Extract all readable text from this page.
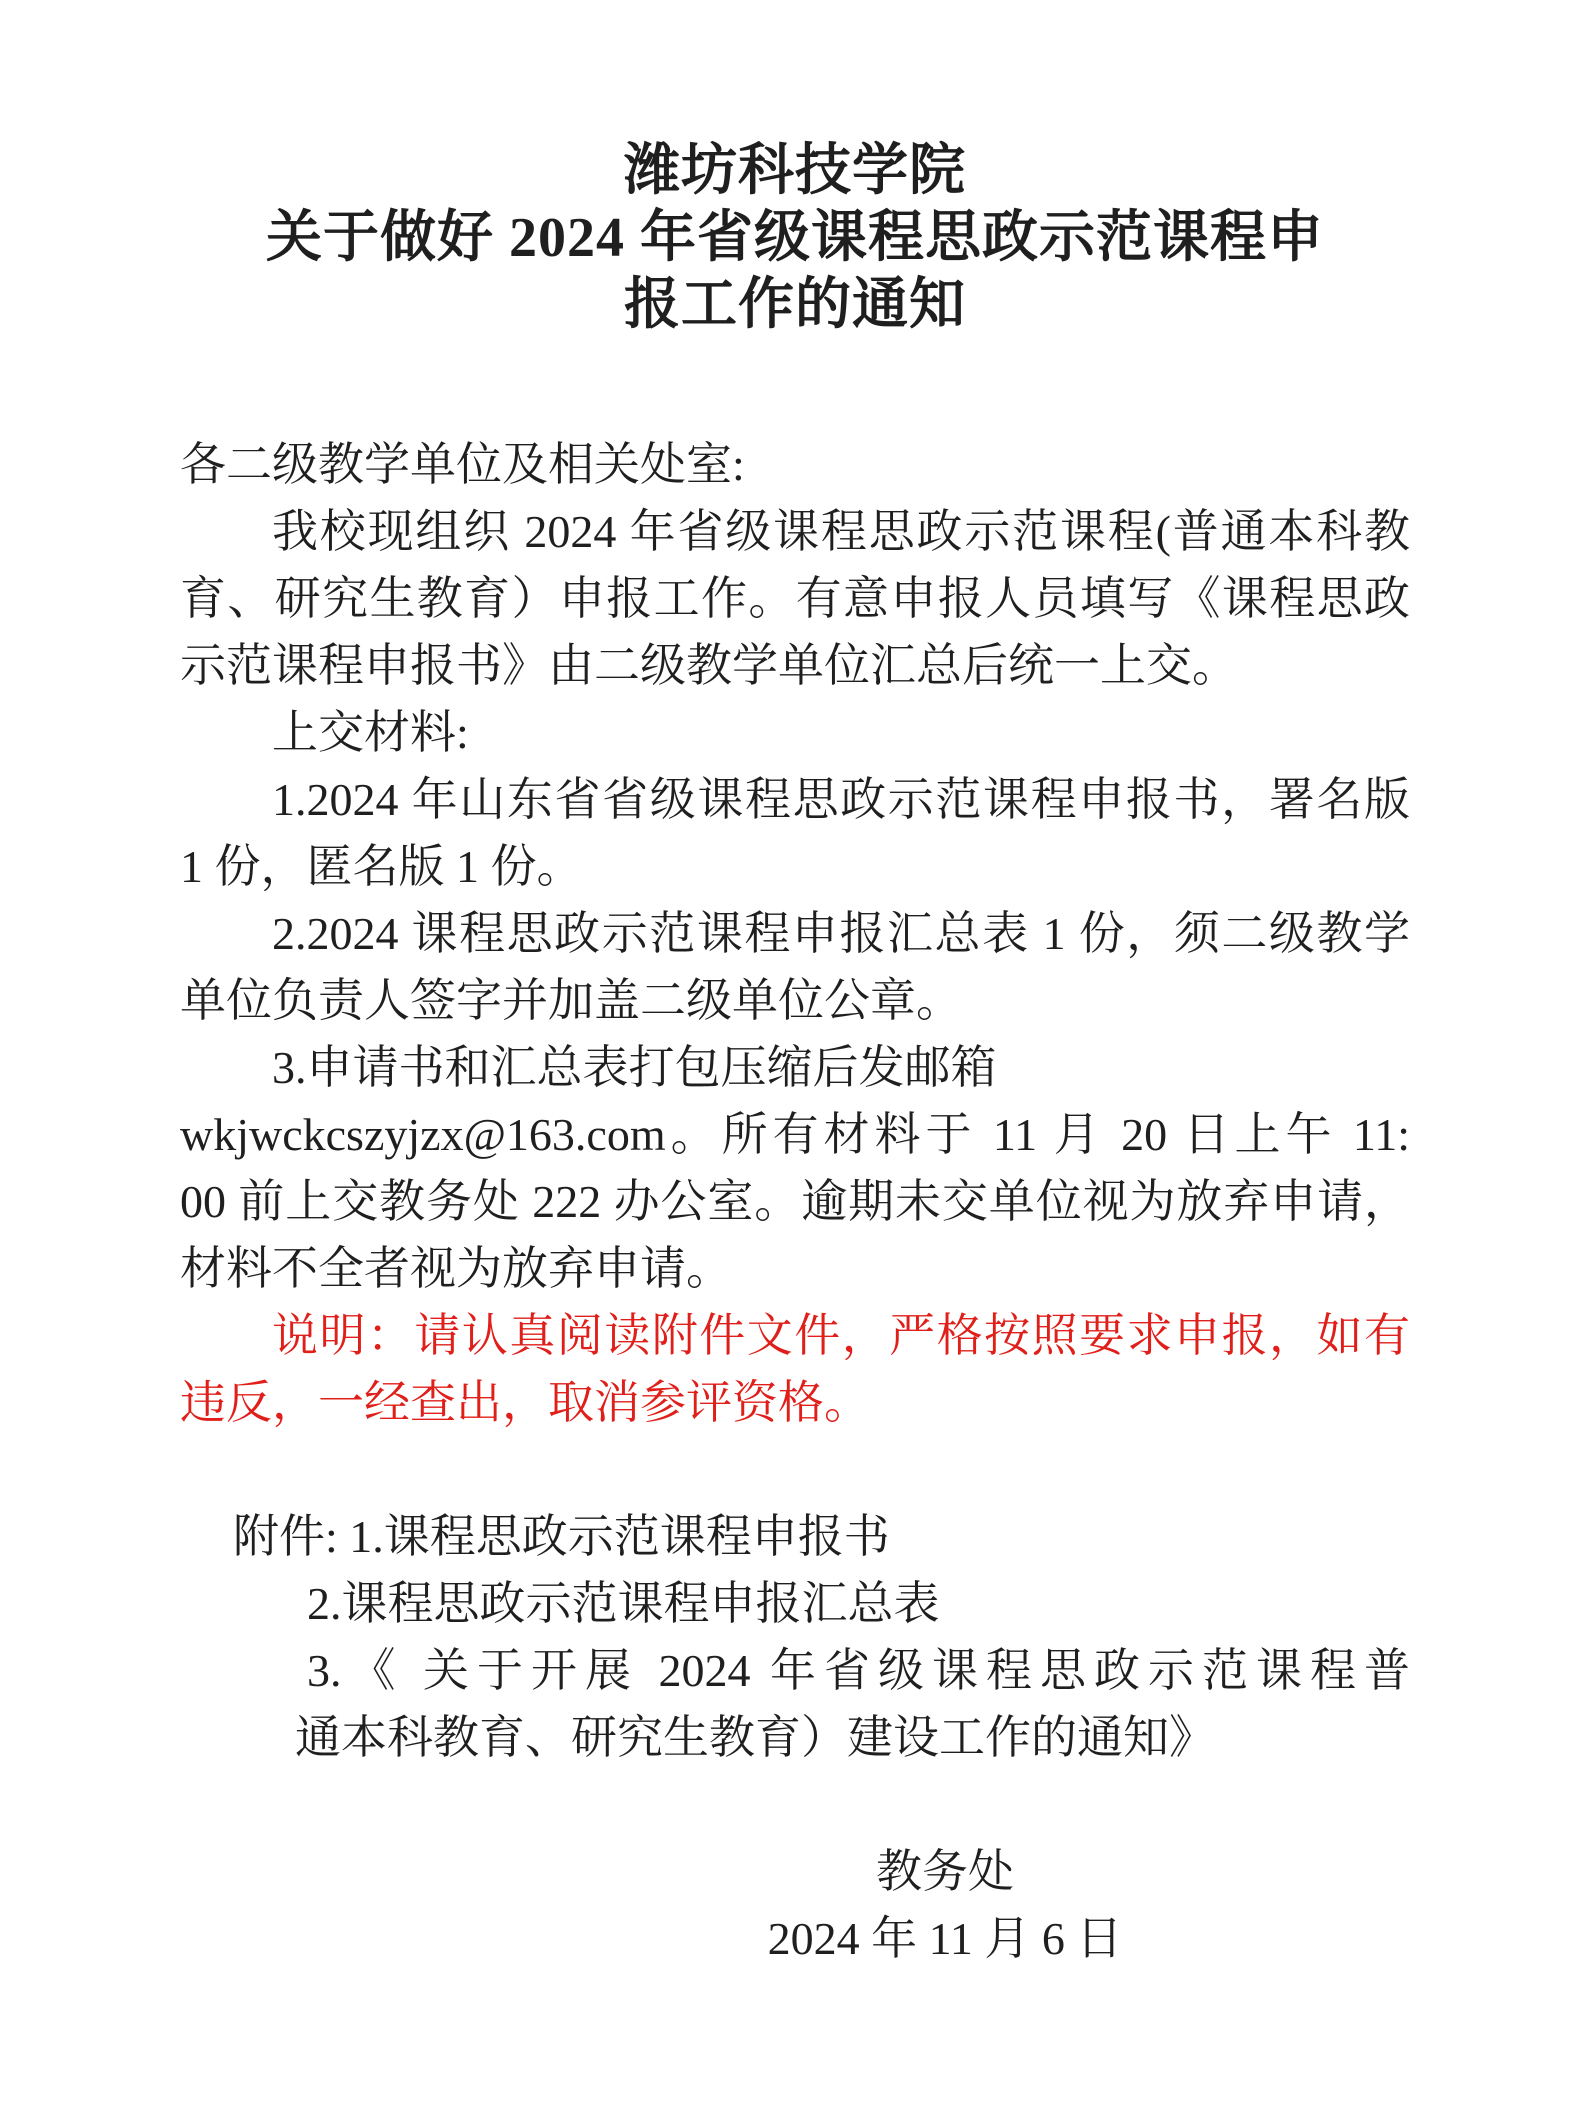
潍坊科技学院
关于做好 2024 年省级课程思政示范课程申
报工作的通知
各二级教学单位及相关处室:
我校现组织 2024 年省级课程思政示范课程(普通本科教
育、研究生教育）申报工作。有意申报人员填写《课程思政
示范课程申报书》由二级教学单位汇总后统一上交。
上交材料:
1.2024 年山东省省级课程思政示范课程申报书，署名版
1 份，匿名版 1 份。
2.2024 课程思政示范课程申报汇总表 1 份，须二级教学
单位负责人签字并加盖二级单位公章。
3.申请书和汇总表打包压缩后发邮箱
wkjwckcszyjzx@163.com。所有材料于 11 月 20 日上午 11:
00 前上交教务处 222 办公室。逾期未交单位视为放弃申请，
材料不全者视为放弃申请。
说明：请认真阅读附件文件，严格按照要求申报，如有
违反，一经查出，取消参评资格。
附件: 1.课程思政示范课程申报书
2.课程思政示范课程申报汇总表
3.《 关于开展 2024 年省级课程思政示范课程普
通本科教育、研究生教育）建设工作的通知》
教务处
2024 年 11 月 6 日
